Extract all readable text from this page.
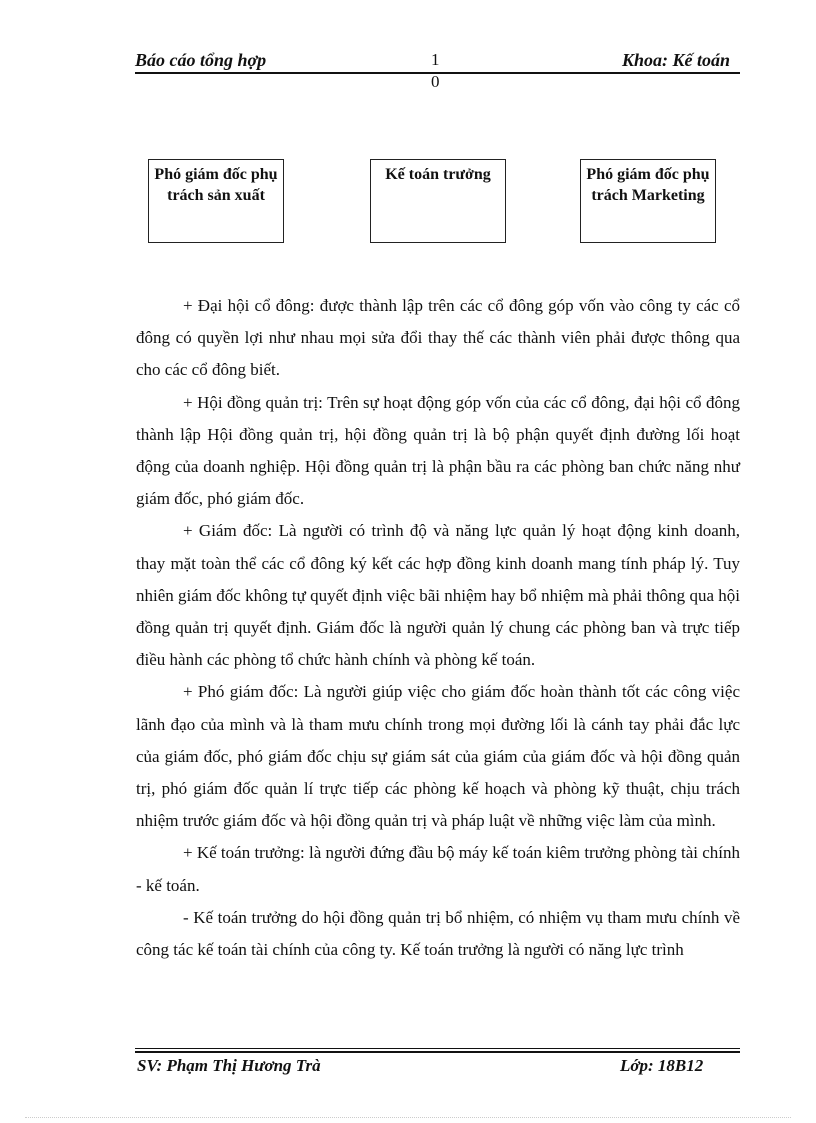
Báo cáo tổng hợp	1	Khoa: Kế toán
0
Phó giám đốc phụ trách sản xuất
Kế toán trưởng	Phó giám đốc phụ trách Marketing

+ Đại hội cổ đông: được thành lập trên các cổ đông góp vốn vào công ty các cổ đông có quyền lợi như nhau mọi sửa đổi thay thế các thành viên phải được thông qua cho các cổ đông biết.

+ Hội đồng quản trị: Trên sự hoạt động góp vốn của các cổ đông, đại hội cổ đông thành lập Hội đồng quản trị, hội đồng quản trị là bộ phận quyết định đường lối hoạt động của doanh nghiệp. Hội đồng quản trị là phận bầu ra các phòng ban chức năng như giám đốc, phó giám đốc.

+ Giám đốc: Là người có trình độ và năng lực quản lý hoạt động kinh doanh, thay mặt toàn thể các cổ đông ký kết các hợp đồng kinh doanh mang tính pháp lý. Tuy nhiên giám đốc không tự quyết định việc bãi nhiệm hay bổ nhiệm mà phải thông qua hội đồng quản trị quyết định. Giám đốc là người quản lý chung các phòng ban và trực tiếp điều hành các phòng tổ chức hành chính và phòng kế toán.

+ Phó giám đốc: Là người giúp việc cho giám đốc hoàn thành tốt các công việc lãnh đạo của mình và là tham mưu chính trong mọi đường lối là cánh tay phải đắc lực của giám đốc, phó giám đốc chịu sự giám sát của giám của giám đốc và hội đồng quản trị, phó giám đốc quản lí trực tiếp các phòng kế hoạch và phòng kỹ thuật, chịu trách nhiệm trước giám đốc và hội đồng quản trị và pháp luật về những việc làm của mình.

+ Kế toán trưởng: là người đứng đầu bộ máy kế toán kiêm trưởng phòng tài chính - kế toán.

- Kế toán trưởng do hội đồng quản trị bổ nhiệm, có nhiệm vụ tham mưu chính về công tác kế toán tài chính của công ty. Kế toán trưởng là người có năng lực trình

SV: Phạm Thị Hương Trà	Lớp: 18B12
